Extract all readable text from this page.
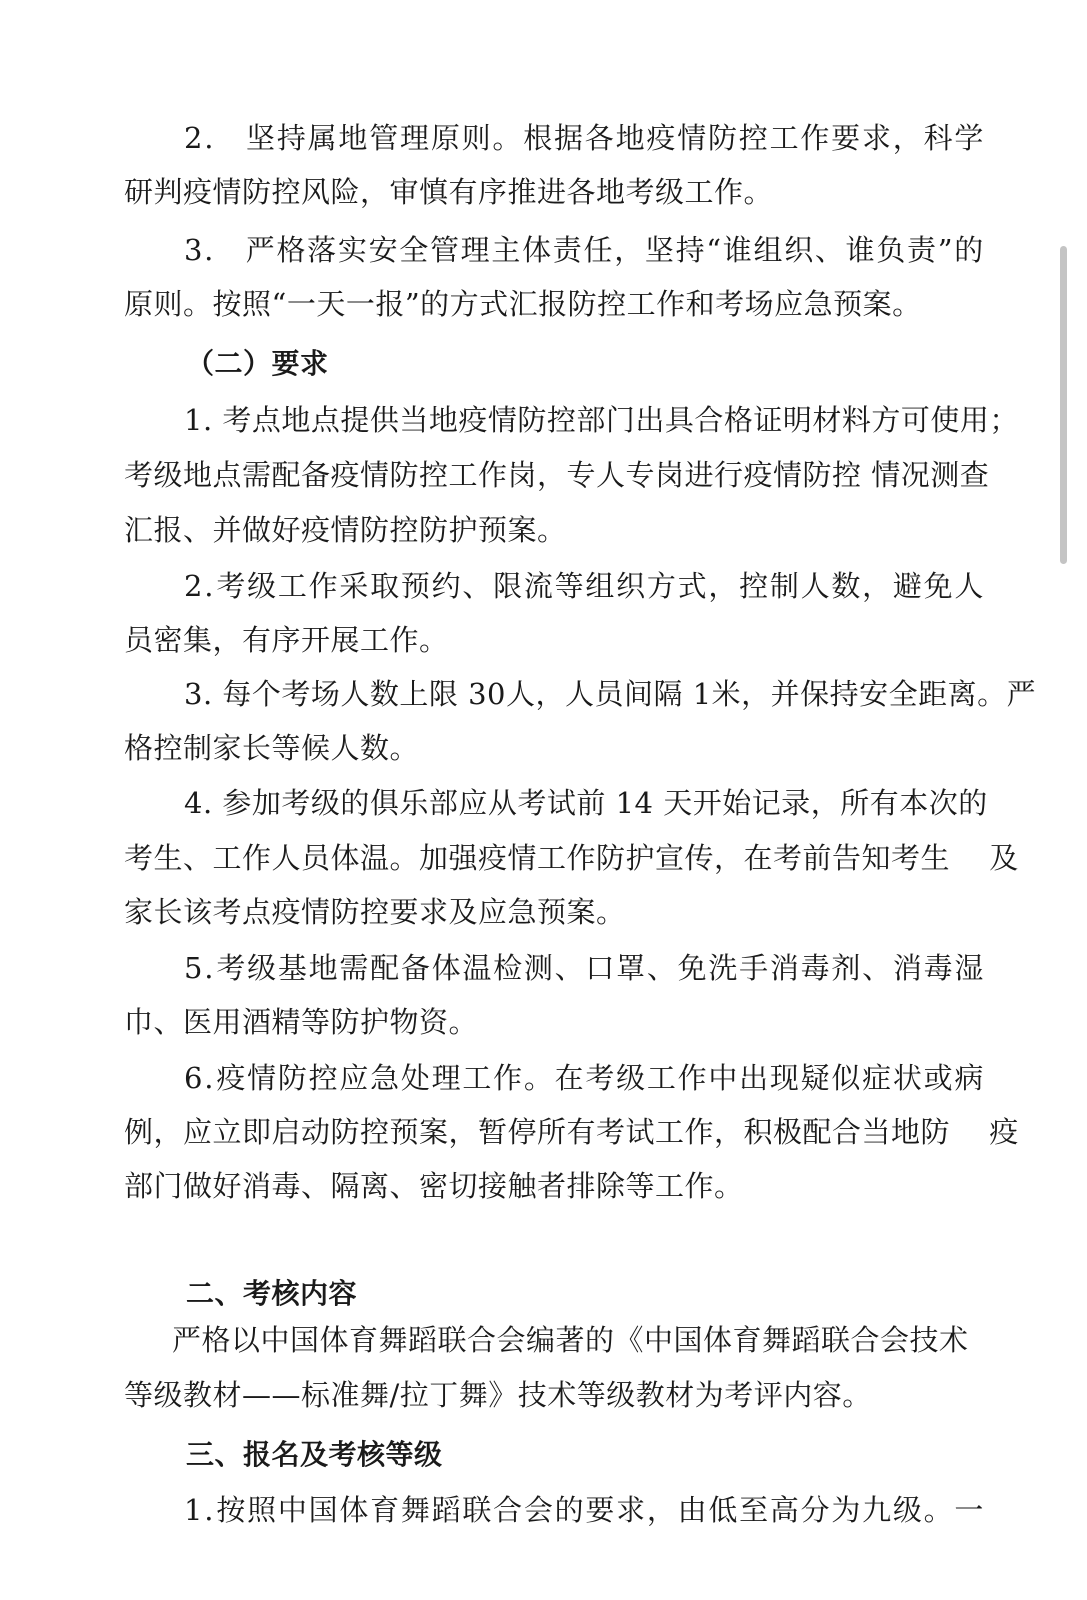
2 .
　 坚 持 属 地 管 理 原 则 。 根 据 各 地 疫 情 防 控 工 作 要 求 ， 科 学
研判疫情防控风险，审慎有序推进各地考级工作。
3 .
　 严 格 落 实 安 全 管 理 主 体 责 任 ， 坚 持 “ 谁 组 织 、 谁 负 责 ” 的
原则。按照“一天一报”的方式汇报防控工作和考场应急预案。
（二）要求
1. 考点地点提供当地疫情防控部门出具合格证明材料方可使用；
考级地点需配备疫情防控工作岗，专人专岗进行疫情防控 情况测查
汇报、并做好疫情防控防护预案。
2 . 考 级 工 作 采 取 预 约 、 限 流 等 组 织 方 式 ， 控 制 人 数 ， 避 免 人
员密集，有序开展工作。
3. 每个考场人数上限 30人，人员间隔 1米，并保持安全距离。严
格控制家长等候人数。
4. 参加考级的俱乐部应从考试前 14 天开始记录，所有本次的
考生、工作人员体温。加强疫情工作防护宣传，在考前告知考生　 及
家长该考点疫情防控要求及应急预案。
5 . 考 级 基 地 需 配 备 体 温 检 测 、 口 罩 、 免 洗 手 消 毒 剂 、 消 毒 湿
巾、医用酒精等防护物资。
6 . 疫 情 防 控 应 急 处 理 工 作 。 在 考 级 工 作 中 出 现 疑 似 症 状 或 病
例，应立即启动防控预案，暂停所有考试工作，积极配合当地防　 疫
部门做好消毒、隔离、密切接触者排除等工作。
二、考核内容
严格以中国体育舞蹈联合会编著的《中国体育舞蹈联合会技术
等级教材——标准舞/拉丁舞》技术等级教材为考评内容。
三、报名及考核等级
1 . 按 照 中 国 体 育 舞 蹈 联 合 会 的 要 求 ， 由 低 至 高 分 为 九 级 。 一
